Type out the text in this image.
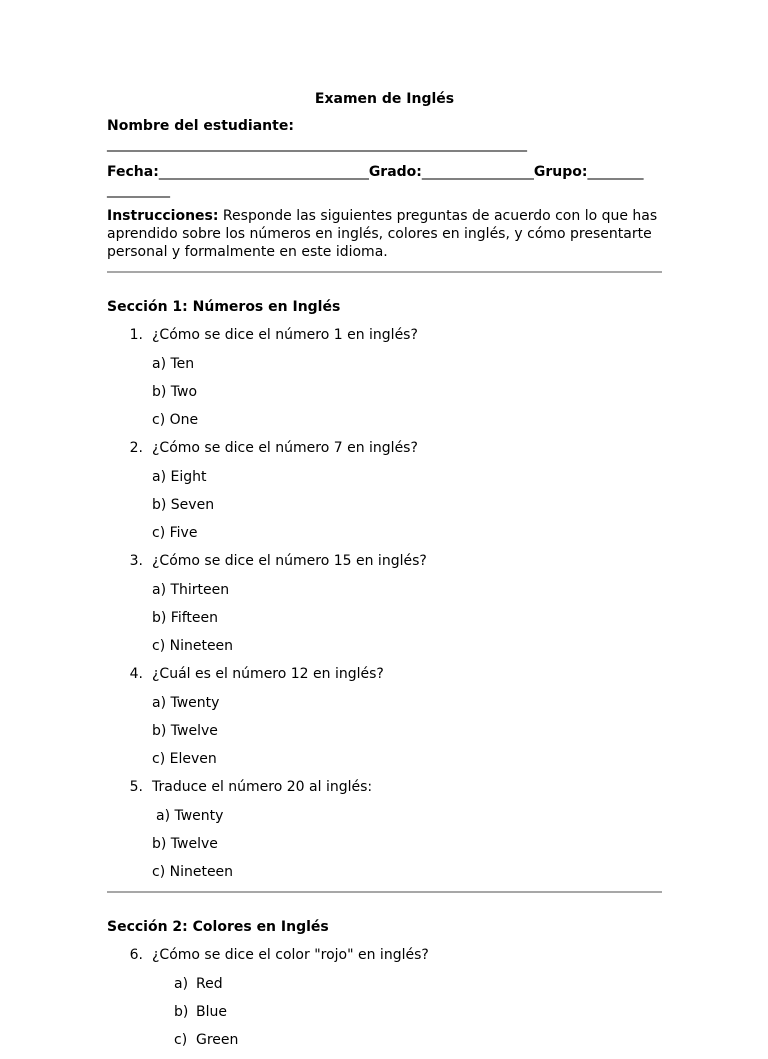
Examen de Inglés

Nombre del estudiante:
____________________________________________________________
Fecha:______________________________Grado:________________Grupo:________
_________
Instrucciones: Responde las siguientes preguntas de acuerdo con lo que has aprendido sobre los números en inglés, colores en inglés, y cómo presentarte personal y formalmente en este idioma.
Sección 1: Números en Inglés
1. ¿Cómo se dice el número 1 en inglés?
a) Ten
b) Two
c) One
2. ¿Cómo se dice el número 7 en inglés?
a) Eight
b) Seven
c) Five
3. ¿Cómo se dice el número 15 en inglés?
a) Thirteen
b) Fifteen
c) Nineteen
4. ¿Cuál es el número 12 en inglés?
a) Twenty
b) Twelve
c) Eleven
5. Traduce el número 20 al inglés:
a) Twenty
b) Twelve
c) Nineteen
Sección 2: Colores en Inglés
6. ¿Cómo se dice el color "rojo" en inglés?
a) Red
b) Blue
c) Green
